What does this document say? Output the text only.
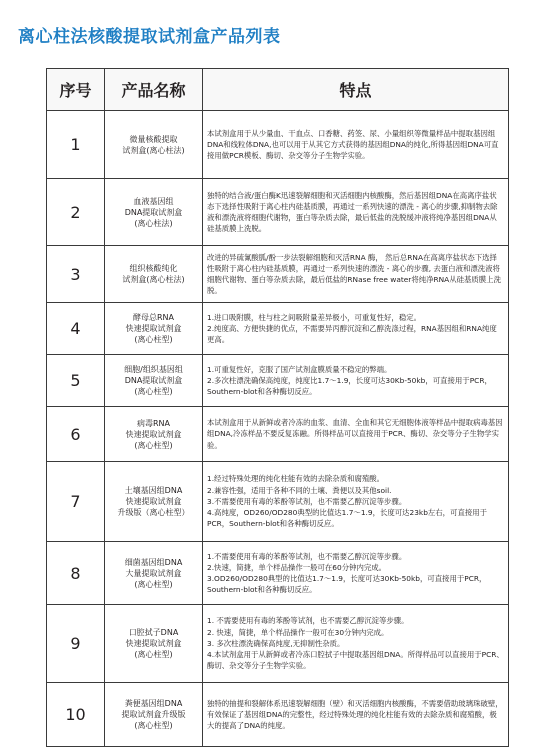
离心柱法核酸提取试剂盒产品列表
序号	产品名称	特点
1	微量核酸提取
试剂盒(离心柱法)	本试剂盒用于从少量血、干血点、口香糖、药签、尿、小量组织等微量样品中提取基因组DNA和线粒体DNA,也可以用于从其它方式获得的基因组DNA的纯化,所得基因组DNA可直接用做PCR模板、酶切、杂交等分子生物学实验。
2	血液基因组
DNA提取试剂盒
(离心柱法)	独特的结合液/蛋白酶K迅速裂解细胞和灭活细胞内核酸酶，然后基因组DNA在高离序盐状态下选择性吸附于离心柱内硅基质膜，再通过一系列快速的漂洗 - 离心的步骤,抑制物去除液和漂洗液将细胞代谢物，蛋白等杂质去除，最后低盐的洗脱缓冲液将纯净基因组DNA从硅基质膜上洗脱。
3	组织核酸纯化
试剂盒(离心柱法)	改进的异硫氰酸胍/酚一步法裂解细胞和灭活RNA 酶， 然后总RNA在高离序盐状态下选择性吸附于离心柱内硅基质膜，再通过一系列快速的漂洗 - 离心的步骤, 去蛋白液和漂洗液将细胞代谢物、蛋白等杂质去除，最后低盐的RNase free water将纯净RNA从硅基质膜上洗脱。
4	酵母总RNA
快速提取试剂盒
(离心柱型)	1.进口吸附膜，柱与柱之间吸附量差异极小，可重复性好，稳定。
2.纯度高、方便快捷的优点，不需要异丙醇沉淀和乙醇洗涤过程，RNA基因组和RNA纯度更高。
5	细胞/组织基因组
DNA提取试剂盒
(离心柱型)	1.可重复性好，克服了国产试剂盒膜质量不稳定的弊端。
2.多次柱漂洗确保高纯度，纯度比1.7～1.9，长度可达30Kb-50kb，可直接用于PCR，Southern-blot和各种酶切反应。
6	病毒RNA
快速提取试剂盒
(离心柱型)	本试剂盒用于从新鲜或者冷冻的血浆、血清、全血和其它无细胞体液等样品中提取病毒基因组DNA,冷冻样品不要反复冻融。所得样品可以直接用于PCR、酶切、杂交等分子生物学实验。
7	土壤基因组DNA
快速提取试剂盒
升级版（离心柱型）	1.经过特殊处理的纯化柱能有效的去除杂质和腐殖酸。
2.兼容性强，适用于各种不同的土壤、粪便以及其他soil.
3.不需要使用有毒的苯酚等试剂，也不需要乙醇沉淀等步骤。
4.高纯度，OD260/OD280典型的比值达1.7～1.9，长度可达23kb左右，可直接用于PCR，Southern-blot和各种酶切反应。
8	细菌基因组DNA
大量提取试剂盒
(离心柱型)	1.不需要使用有毒的苯酚等试剂，也不需要乙醇沉淀等步骤。
2.快速，简捷，单个样品操作一般可在60分钟内完成。
3.OD260/OD280典型的比值达1.7～1.9，长度可达30Kb-50kb，可直接用于PCR，Southern-blot和各种酶切反应。
9	口腔拭子DNA
快速提取试剂盒
(离心柱型)	1. 不需要使用有毒的苯酚等试剂，也不需要乙醇沉淀等步骤。
2. 快速，简捷，单个样品操作一般可在30分钟内完成。
3. 多次柱漂洗确保高纯度,无抑制性杂质。
4.本试剂盒用于从新鲜或者冷冻口腔拭子中提取基因组DNA。所得样品可以直接用于PCR、酶切、杂交等分子生物学实验。
10	粪便基因组DNA
提取试剂盒升级版
(离心柱型)	独特的抽提和裂解体系迅速裂解细胞（壁）和灭活细胞内核酸酶，不需要借助玻璃珠破壁，有效保证了基因组DNA的完整性，经过特殊处理的纯化柱能有效的去除杂质和腐殖酸，极大的提高了DNA的纯度。
